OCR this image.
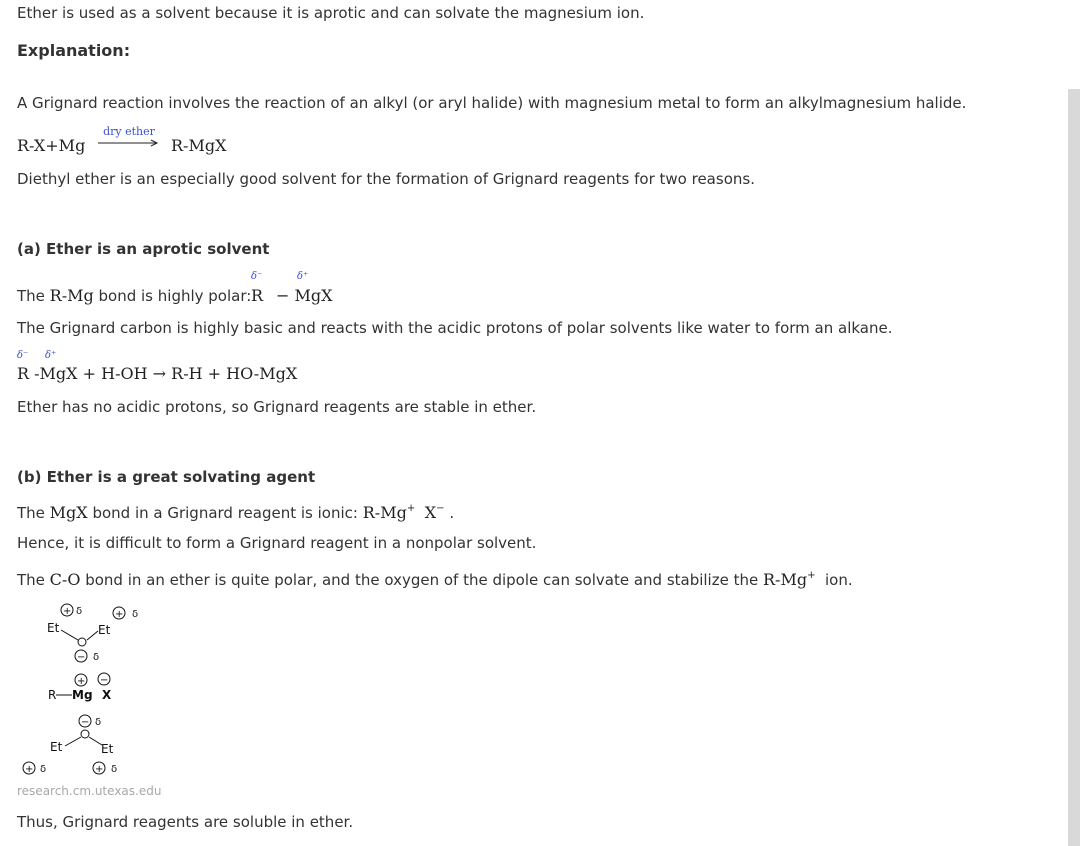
Ether is used as a solvent because it is aprotic and can solvate the magnesium ion.
Explanation:
A Grignard reaction involves the reaction of an alkyl (or aryl halide) with magnesium metal to form an alkylmagnesium halide.
R-X+Mg
dry ether
R-MgX
Diethyl ether is an especially good solvent for the formation of Grignard reagents for two reasons.
(a) Ether is an aprotic solvent
The R-Mg bond is highly polar:
δ⁻	δ⁺
R − MgX
The Grignard carbon is highly basic and reacts with the acidic protons of polar solvents like water to form an alkane.
δ⁻ δ⁺
R -MgX + H-OH → R-H + HO-MgX
Ether has no acidic protons, so Grignard reagents are stable in ether.
(b) Ether is a great solvating agent
The MgX bond in a Grignard reagent is ionic: R-Mg+ X− .
Hence, it is difficult to form a Grignard reagent in a nonpolar solvent.
The C-O bond in an ether is quite polar, and the oxygen of the dipole can solvate and stabilize the R-Mg+  ion.
+ δ	+ δ
Et	Et
− δ
+ −
R Mg X
− δ
Et	Et
+ δ	+ δ
research.cm.utexas.edu
Thus, Grignard reagents are soluble in ether.
